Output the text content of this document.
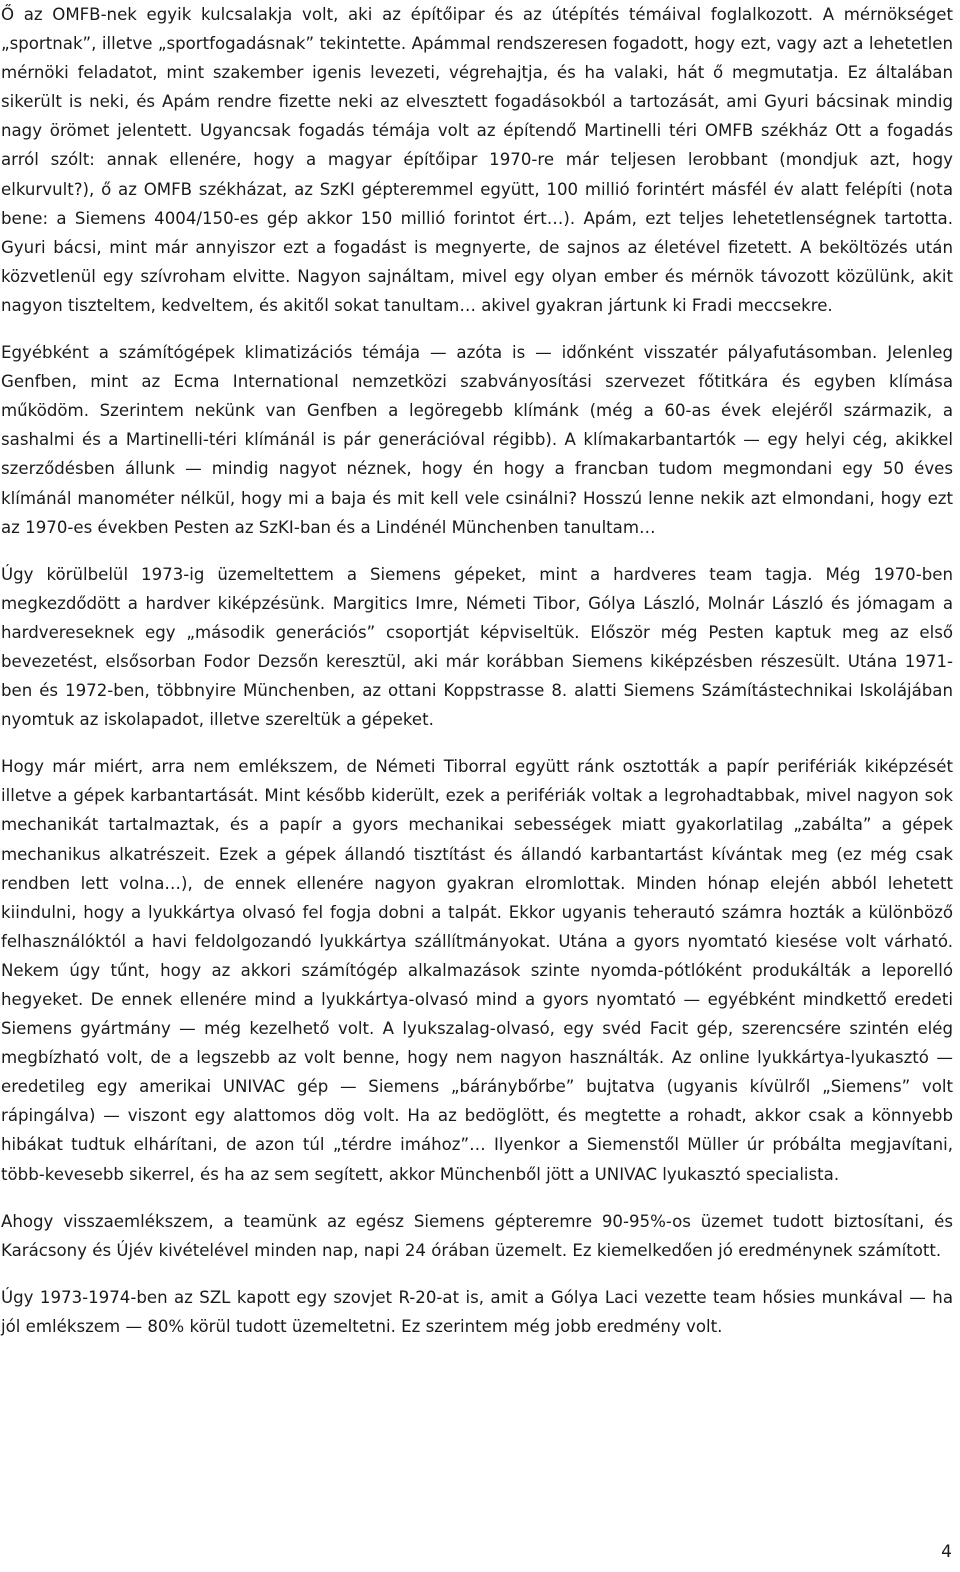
Ő az OMFB-nek egyik kulcsalakja volt, aki az építőipar és az útépítés témáival foglalkozott. A mérnökséget „sportnak”, illetve „sportfogadásnak” tekintette. Apámmal rendszeresen fogadott, hogy ezt, vagy azt a lehetetlen mérnöki feladatot, mint szakember igenis levezeti, végrehajtja, és ha valaki, hát ő megmutatja. Ez általában sikerült is neki, és Apám rendre fizette neki az elvesztett fogadásokból a tartozását, ami Gyuri bácsinak mindig nagy örömet jelentett. Ugyancsak fogadás témája volt az építendő Martinelli téri OMFB székház Ott a fogadás arról szólt: annak ellenére, hogy a magyar építőipar 1970-re már teljesen lerobbant (mondjuk azt, hogy elkurvult?), ő az OMFB székházat, az SzKI gépteremmel együtt, 100 millió forintért másfél év alatt felépíti (nota bene: a Siemens 4004/150-es gép akkor 150 millió forintot ért…). Apám, ezt teljes lehetetlenségnek tartotta. Gyuri bácsi, mint már annyiszor ezt a fogadást is megnyerte, de sajnos az életével fizetett. A beköltözés után közvetlenül egy szívroham elvitte. Nagyon sajnáltam, mivel egy olyan ember és mérnök távozott közülünk, akit nagyon tiszteltem, kedveltem, és akitől sokat tanultam… akivel gyakran jártunk ki Fradi meccsekre.

Egyébként a számítógépek klimatizációs témája — azóta is — időnként visszatér pályafutásomban. Jelenleg Genfben, mint az Ecma International nemzetközi szabványosítási szervezet főtitkára és egyben klímása működöm. Szerintem nekünk van Genfben a legöregebb klímánk (még a 60-as évek elejéről származik, a sashalmi és a Martinelli-téri klímánál is pár generációval régibb). A klímakarbantartók — egy helyi cég, akikkel szerződésben állunk — mindig nagyot néznek, hogy én hogy a francban tudom megmondani egy 50 éves klímánál manométer nélkül, hogy mi a baja és mit kell vele csinálni? Hosszú lenne nekik azt elmondani, hogy ezt az 1970-es években Pesten az SzKI-ban és a Lindénél Münchenben tanultam…

Úgy körülbelül 1973-ig üzemeltettem a Siemens gépeket, mint a hardveres team tagja. Még 1970-ben megkezdődött a hardver kiképzésünk. Margitics Imre, Németi Tibor, Gólya László, Molnár László és jómagam a hardvereseknek egy „második generációs” csoportját képviseltük. Először még Pesten kaptuk meg az első bevezetést, elsősorban Fodor Dezsőn keresztül, aki már korábban Siemens kiképzésben részesült. Utána 1971-ben és 1972-ben, többnyire Münchenben, az ottani Koppstrasse 8. alatti Siemens Számítástechnikai Iskolájában nyomtuk az iskolapadot, illetve szereltük a gépeket.

Hogy már miért, arra nem emlékszem, de Németi Tiborral együtt ránk osztották a papír perifériák kiképzését illetve a gépek karbantartását. Mint később kiderült, ezek a perifériák voltak a legrohadtabbak, mivel nagyon sok mechanikát tartalmaztak, és a papír a gyors mechanikai sebességek miatt gyakorlatilag „zabálta” a gépek mechanikus alkatrészeit. Ezek a gépek állandó tisztítást és állandó karbantartást kívántak meg (ez még csak rendben lett volna…), de ennek ellenére nagyon gyakran elromlottak. Minden hónap elején abból lehetett kiindulni, hogy a lyukkártya olvasó fel fogja dobni a talpát. Ekkor ugyanis teherautó számra hozták a különböző felhasználóktól a havi feldolgozandó lyukkártya szállítmányokat. Utána a gyors nyomtató kiesése volt várható. Nekem úgy tűnt, hogy az akkori számítógép alkalmazások szinte nyomda-pótlóként produkálták a leporelló hegyeket. De ennek ellenére mind a lyukkártya-olvasó mind a gyors nyomtató — egyébként mindkettő eredeti Siemens gyártmány — még kezelhető volt. A lyukszalag-olvasó, egy svéd Facit gép, szerencsére szintén elég megbízható volt, de a legszebb az volt benne, hogy nem nagyon használták. Az online lyukkártya-lyukasztó — eredetileg egy amerikai UNIVAC gép — Siemens „báránybőrbe” bujtatva (ugyanis kívülről „Siemens” volt rápingálva) — viszont egy alattomos dög volt. Ha az bedöglött, és megtette a rohadt, akkor csak a könnyebb hibákat tudtuk elhárítani, de azon túl „térdre imához”… Ilyenkor a Siemenstől Müller úr próbálta megjavítani, több-kevesebb sikerrel, és ha az sem segített, akkor Münchenből jött a UNIVAC lyukasztó specialista.

Ahogy visszaemlékszem, a teamünk az egész Siemens gépteremre 90-95%-os üzemet tudott biztosítani, és Karácsony és Újév kivételével minden nap, napi 24 órában üzemelt. Ez kiemelkedően jó eredménynek számított.

Úgy 1973-1974-ben az SZL kapott egy szovjet R-20-at is, amit a Gólya Laci vezette team hősies munkával — ha jól emlékszem — 80% körül tudott üzemeltetni. Ez szerintem még jobb eredmény volt.

4
